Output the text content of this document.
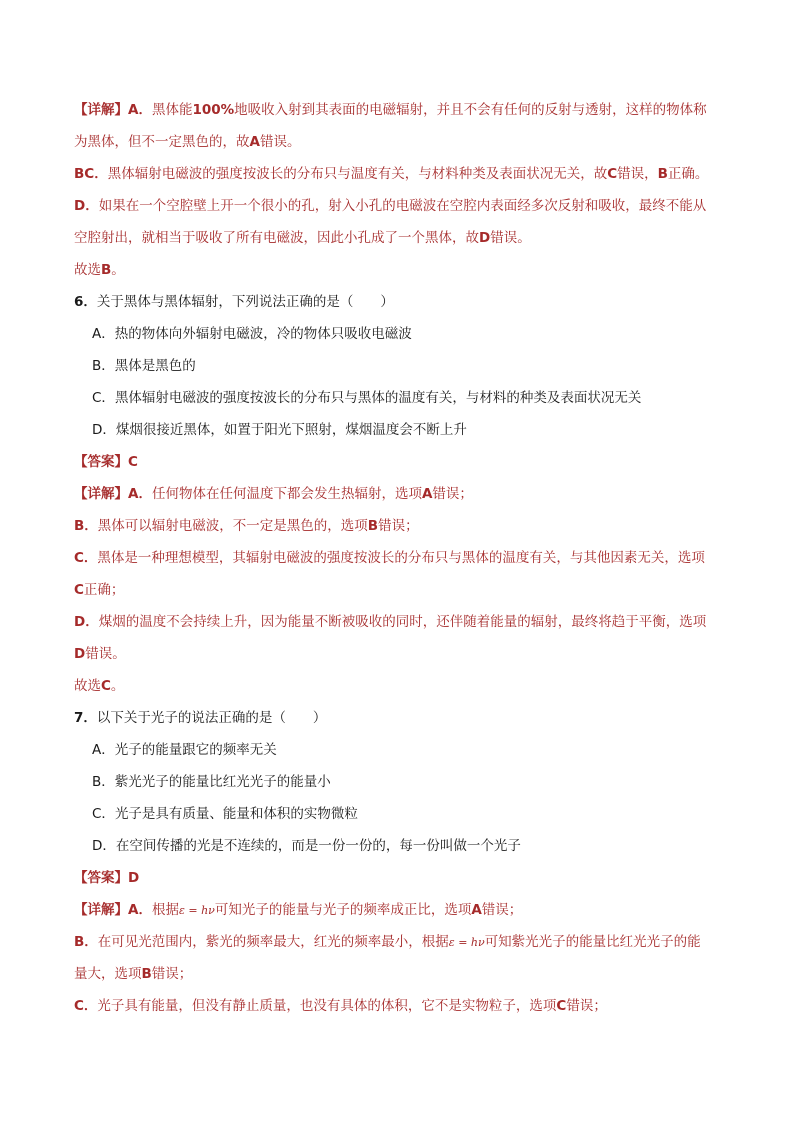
【详解】A．黑体能100%地吸收入射到其表面的电磁辐射，并且不会有任何的反射与透射，这样的物体称
为黑体，但不一定黑色的，故A错误。
BC．黑体辐射电磁波的强度按波长的分布只与温度有关，与材料种类及表面状况无关，故C错误，B正确。
D．如果在一个空腔壁上开一个很小的孔，射入小孔的电磁波在空腔内表面经多次反射和吸收，最终不能从
空腔射出，就相当于吸收了所有电磁波，因此小孔成了一个黑体，故D错误。
故选B。
6．关于黑体与黑体辐射，下列说法正确的是（　　）
A．热的物体向外辐射电磁波，冷的物体只吸收电磁波
B．黑体是黑色的
C．黑体辐射电磁波的强度按波长的分布只与黑体的温度有关，与材料的种类及表面状况无关
D．煤烟很接近黑体，如置于阳光下照射，煤烟温度会不断上升
【答案】C
【详解】A．任何物体在任何温度下都会发生热辐射，选项A错误；
B．黑体可以辐射电磁波，不一定是黑色的，选项B错误；
C．黑体是一种理想模型，其辐射电磁波的强度按波长的分布只与黑体的温度有关，与其他因素无关，选项
C正确；
D．煤烟的温度不会持续上升，因为能量不断被吸收的同时，还伴随着能量的辐射，最终将趋于平衡，选项
D错误。
故选C。
7．以下关于光子的说法正确的是（　　）
A．光子的能量跟它的频率无关
B．紫光光子的能量比红光光子的能量小
C．光子是具有质量、能量和体积的实物微粒
D．在空间传播的光是不连续的，而是一份一份的，每一份叫做一个光子
【答案】D
【详解】A．根据ε = hν可知光子的能量与光子的频率成正比，选项A错误；
B．在可见光范围内，紫光的频率最大，红光的频率最小，根据ε = hν可知紫光光子的能量比红光光子的能
量大，选项B错误；
C．光子具有能量，但没有静止质量，也没有具体的体积，它不是实物粒子，选项C错误；
